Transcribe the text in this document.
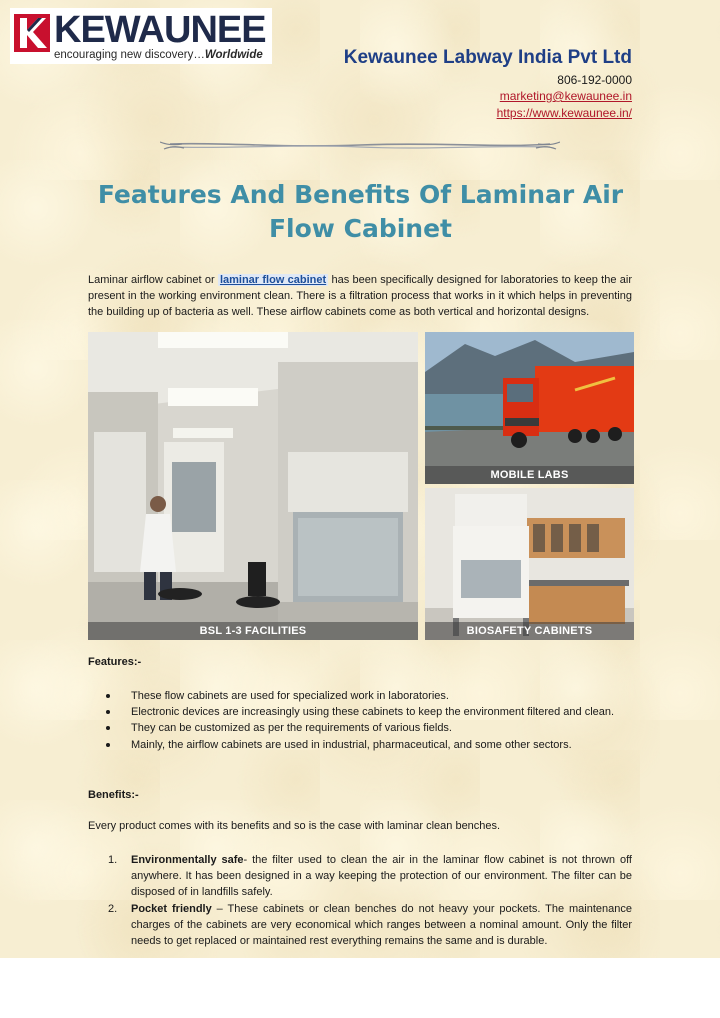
KEWAUNEE
encouraging new discovery…Worldwide	Kewaunee Labway India Pvt Ltd
806-192-0000
marketing@kewaunee.in
https://www.kewaunee.in/
Features And Benefits Of Laminar Air Flow Cabinet

Laminar airflow cabinet or laminar flow cabinet has been specifically designed for laboratories to keep the air present in the working environment clean. There is a filtration process that works in it which helps in preventing the building up of bacteria as well. These airflow cabinets come as both vertical and horizontal designs.

BSL 1-3 FACILITIES
MOBILE LABS
BIOSAFETY CABINETS
Features:-
These flow cabinets are used for specialized work in laboratories.
Electronic devices are increasingly using these cabinets to keep the environment filtered and clean.
They can be customized as per the requirements of various fields.
Mainly, the airflow cabinets are used in industrial, pharmaceutical, and some other sectors.
Benefits:-
Every product comes with its benefits and so is the case with laminar clean benches.
1. Environmentally safe- the filter used to clean the air in the laminar flow cabinet is not thrown off anywhere. It has been designed in a way keeping the protection of our environment. The filter can be disposed of in landfills safely.
2. Pocket friendly – These cabinets or clean benches do not heavy your pockets. The maintenance charges of the cabinets are very economical which ranges between a nominal amount. Only the filter needs to get replaced or maintained rest everything remains the same and is durable.
